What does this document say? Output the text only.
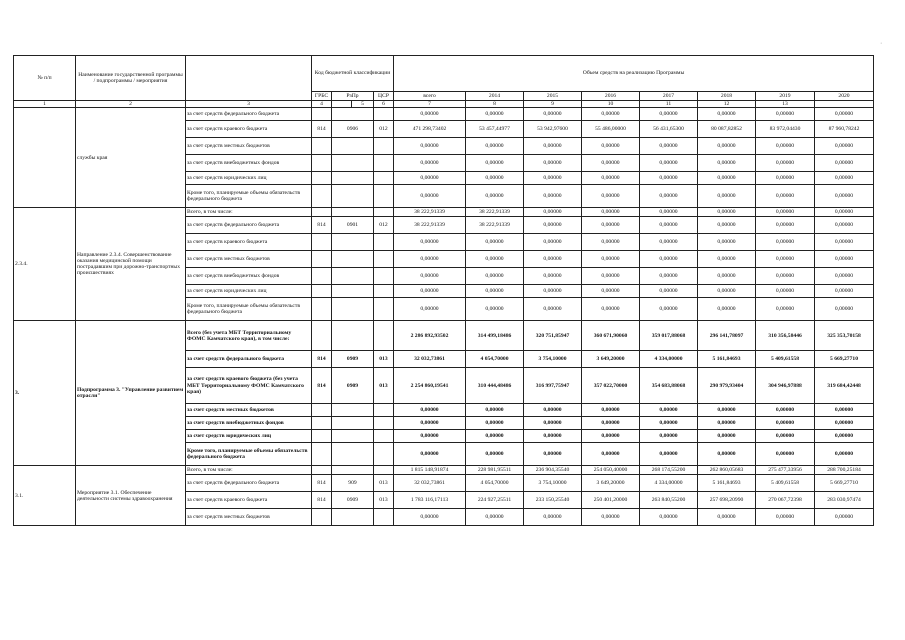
·
№ п/п	Наименование государственной программы / подпрограммы / мероприятия		Код бюджетной классификации				Объем средств на реализацию Программы							
			ГРБС	РзПр		ЦСР	всего	2014	2015	2016	2017	2018	2019	2020
1	2	3	4		5	6	7	8	9	10	11	12	13	
	службы края	за счет средств федерального бюджета					0,00000	0,00000	0,00000	0,00000	0,00000	0,00000	0,00000	0,00000
		за счет средств краевого бюджета	814	0906		012	471 298,73402	53 457,44977	53 942,97600	55 486,00000	56 431,65300	80 087,82852	83 972,04430	87 960,78242
		за счет средств местных бюджетов					0,00000	0,00000	0,00000	0,00000	0,00000	0,00000	0,00000	0,00000
		за счет средств внебюджетных фондов					0,00000	0,00000	0,00000	0,00000	0,00000	0,00000	0,00000	0,00000
		за счет средств юридических лиц					0,00000	0,00000	0,00000	0,00000	0,00000	0,00000	0,00000	0,00000
		Кроме того, планируемые объемы обязательств федерального бюджета					0,00000	0,00000	0,00000	0,00000	0,00000	0,00000	0,00000	0,00000
2.3.4.	Направление 2.3.4. Совершенствование оказания медицинской помощи пострадавшим при дорожно-транспортных происшествиях	Всего, в том числе:					38 222,91339	38 222,91339	0,00000	0,00000	0,00000	0,00000	0,00000	0,00000
		за счет средств федерального бюджета	814	0901		012	38 222,91339	38 222,91339	0,00000	0,00000	0,00000	0,00000	0,00000	0,00000
		за счет средств краевого бюджета					0,00000	0,00000	0,00000	0,00000	0,00000	0,00000	0,00000	0,00000
		за счет средств местных бюджетов					0,00000	0,00000	0,00000	0,00000	0,00000	0,00000	0,00000	0,00000
		за счет средств внебюджетных фондов					0,00000	0,00000	0,00000	0,00000	0,00000	0,00000	0,00000	0,00000
		за счет средств юридических лиц					0,00000	0,00000	0,00000	0,00000	0,00000	0,00000	0,00000	0,00000
		Кроме того, планируемые объемы обязательств федерального бюджета					0,00000	0,00000	0,00000	0,00000	0,00000	0,00000	0,00000	0,00000
3.	Подпрограмма 3. "Управление развитием отрасли"	Всего (без учета МБТ Территориальному ФОМС Камчатского края), в том числе:					2 286 892,93502	314 499,18486	320 751,85947	360 671,90060	359 017,88068	296 141,78097	310 356,58446	325 353,70158
		за счет средств федерального бюджета	814	0909		013	32 032,73861	4 054,70000	3 754,10000	3 649,20000	4 334,00000	5 161,84693	5 409,61558	5 669,27710
		за счет средств краевого бюджета (без учета МБТ Территориальному ФОМС Камчатского края)	814	0909		013	2 254 860,19541	310 444,48486	316 997,75947	357 022,70000	354 683,88068	290 979,93404	304 946,97888	319 684,42448
		за счет средств местных бюджетов					0,00000	0,00000	0,00000	0,00000	0,00000	0,00000	0,00000	0,00000
		за счет средств внебюджетных фондов					0,00000	0,00000	0,00000	0,00000	0,00000	0,00000	0,00000	0,00000
		за счет средств юридических лиц					0,00000	0,00000	0,00000	0,00000	0,00000	0,00000	0,00000	0,00000
		Кроме того, планируемые объемы обязательств федерального бюджета					0,00000	0,00000	0,00000	0,00000	0,00000	0,00000	0,00000	0,00000
3.1.	Мероприятие 3.1. Обеспечение деятельности системы здравоохранения	Всего, в том числе:					1 815 148,91874	228 981,95511	236 904,35540	254 050,40000	268 174,55200	262 860,05683	275 477,33956	288 700,25184
		за счет средств федерального бюджета	814	909		013	32 032,73861	4 054,70000	3 754,10000	3 649,20000	4 334,00000	5 161,84693	5 409,61558	5 669,27710
		за счет средств краевого бюджета	814	0909		013	1 783 116,17113	224 927,25511	233 150,25540	250 401,20000	263 840,55200	257 698,20990	270 067,72398	283 030,97474
		за счет средств местных бюджетов					0,00000	0,00000	0,00000	0,00000	0,00000	0,00000	0,00000	0,00000
